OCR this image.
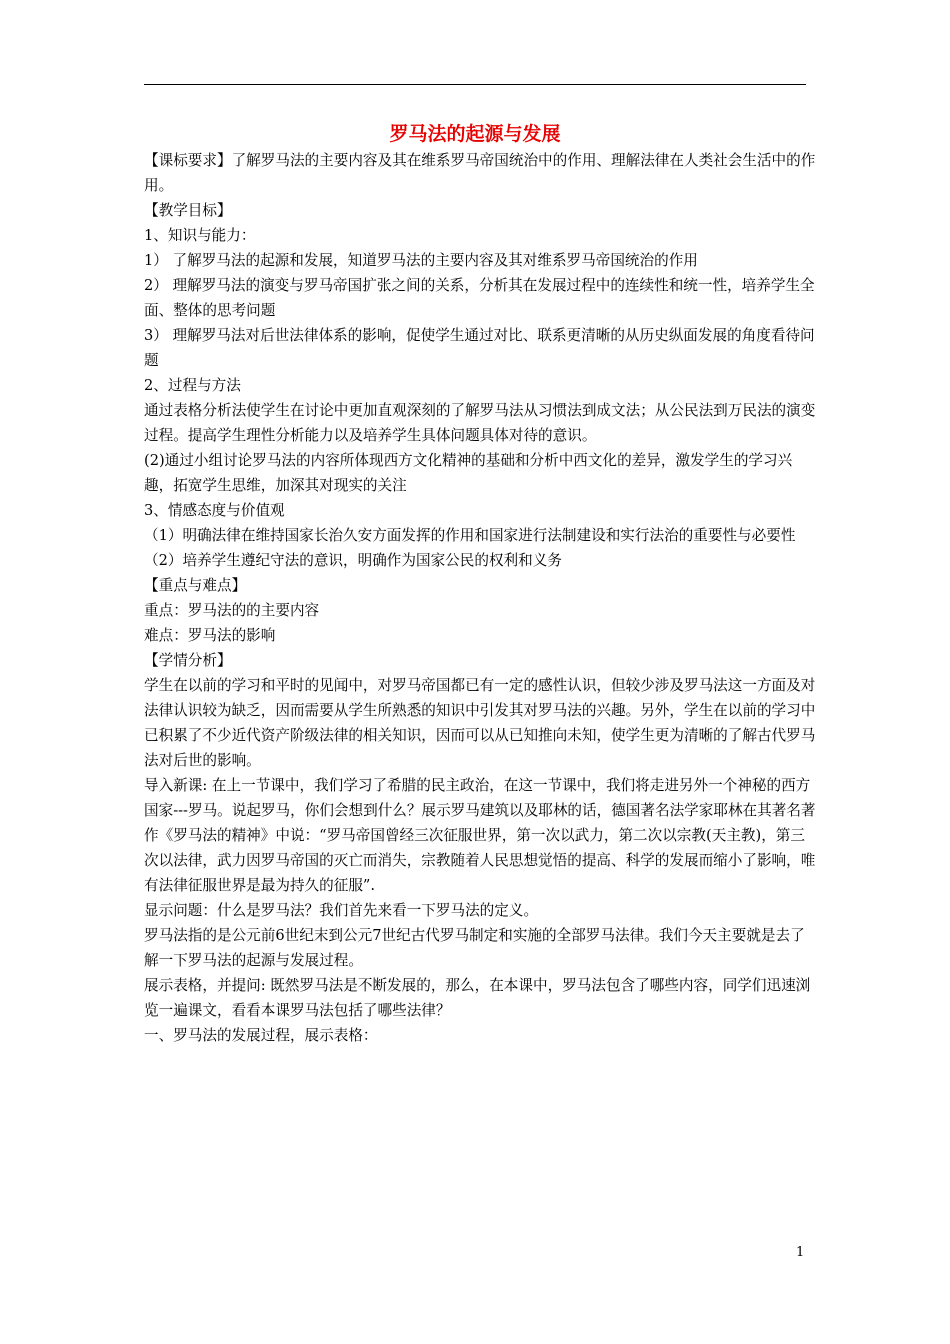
罗马法的起源与发展

【课标要求】了解罗马法的主要内容及其在维系罗马帝国统治中的作用、理解法律在人类社会生活中的作用。

【教学目标】

1、知识与能力：

1） 了解罗马法的起源和发展，知道罗马法的主要内容及其对维系罗马帝国统治的作用

2） 理解罗马法的演变与罗马帝国扩张之间的关系，分析其在发展过程中的连续性和统一性，培养学生全面、整体的思考问题

3） 理解罗马法对后世法律体系的影响，促使学生通过对比、联系更清晰的从历史纵面发展的角度看待问题

2、过程与方法

通过表格分析法使学生在讨论中更加直观深刻的了解罗马法从习惯法到成文法；从公民法到万民法的演变过程。提高学生理性分析能力以及培养学生具体问题具体对待的意识。

(2)通过小组讨论罗马法的内容所体现西方文化精神的基础和分析中西文化的差异，激发学生的学习兴趣，拓宽学生思维，加深其对现实的关注

3、情感态度与价值观

（1）明确法律在维持国家长治久安方面发挥的作用和国家进行法制建设和实行法治的重要性与必要性

（2）培养学生遵纪守法的意识，明确作为国家公民的权利和义务

【重点与难点】

重点：罗马法的的主要内容

难点：罗马法的影响

【学情分析】

学生在以前的学习和平时的见闻中，对罗马帝国都已有一定的感性认识，但较少涉及罗马法这一方面及对法律认识较为缺乏，因而需要从学生所熟悉的知识中引发其对罗马法的兴趣。另外，学生在以前的学习中已积累了不少近代资产阶级法律的相关知识，因而可以从已知推向未知，使学生更为清晰的了解古代罗马法对后世的影响。

导入新课: 在上一节课中，我们学习了希腊的民主政治，在这一节课中，我们将走进另外一个神秘的西方国家---罗马。说起罗马，你们会想到什么？展示罗马建筑以及耶林的话，德国著名法学家耶林在其著名著作《罗马法的精神》中说：“罗马帝国曾经三次征服世界，第一次以武力，第二次以宗教(天主教)，第三次以法律，武力因罗马帝国的灭亡而消失，宗教随着人民思想觉悟的提高、科学的发展而缩小了影响，唯有法律征服世界是最为持久的征服”.

显示问题：什么是罗马法？我们首先来看一下罗马法的定义。

罗马法指的是公元前6世纪末到公元7世纪古代罗马制定和实施的全部罗马法律。我们今天主要就是去了解一下罗马法的起源与发展过程。

展示表格，并提问: 既然罗马法是不断发展的，那么，在本课中，罗马法包含了哪些内容，同学们迅速浏览一遍课文，看看本课罗马法包括了哪些法律？

一、罗马法的发展过程，展示表格：

1
